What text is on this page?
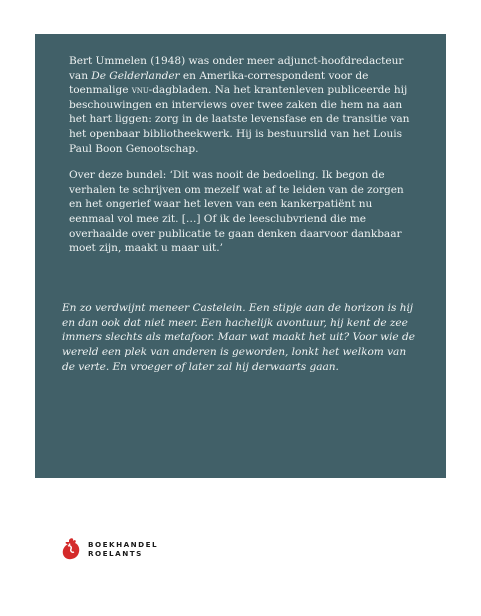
Bert Ummelen (1948) was onder meer adjunct-hoofdredacteur van De Gelderlander en Amerika-correspondent voor de toenmalige vnu-dagbladen. Na het krantenleven publiceerde hij beschouwingen en interviews over twee zaken die hem na aan het hart liggen: zorg in de laatste levensfase en de transitie van het openbaar bibliotheekwerk. Hij is bestuurslid van het Louis Paul Boon Genootschap.

Over deze bundel: ‘Dit was nooit de bedoeling. Ik begon de verhalen te schrijven om mezelf wat af te leiden van de zorgen en het ongerief waar het leven van een kankerpatiënt nu eenmaal vol mee zit. […] Of ik de leesclubvriend die me overhaalde over publicatie te gaan denken daarvoor dankbaar moet zijn, maakt u maar uit.’

En zo verdwijnt meneer Castelein. Een stipje aan de horizon is hij en dan ook dat niet meer. Een hachelijk avontuur, hij kent de zee immers slechts als metafoor. Maar wat maakt het uit? Voor wie de wereld een plek van anderen is geworden, lonkt het welkom van de verte. En vroeger of later zal hij derwaarts gaan.

BOEKHANDEL
ROELANTS
